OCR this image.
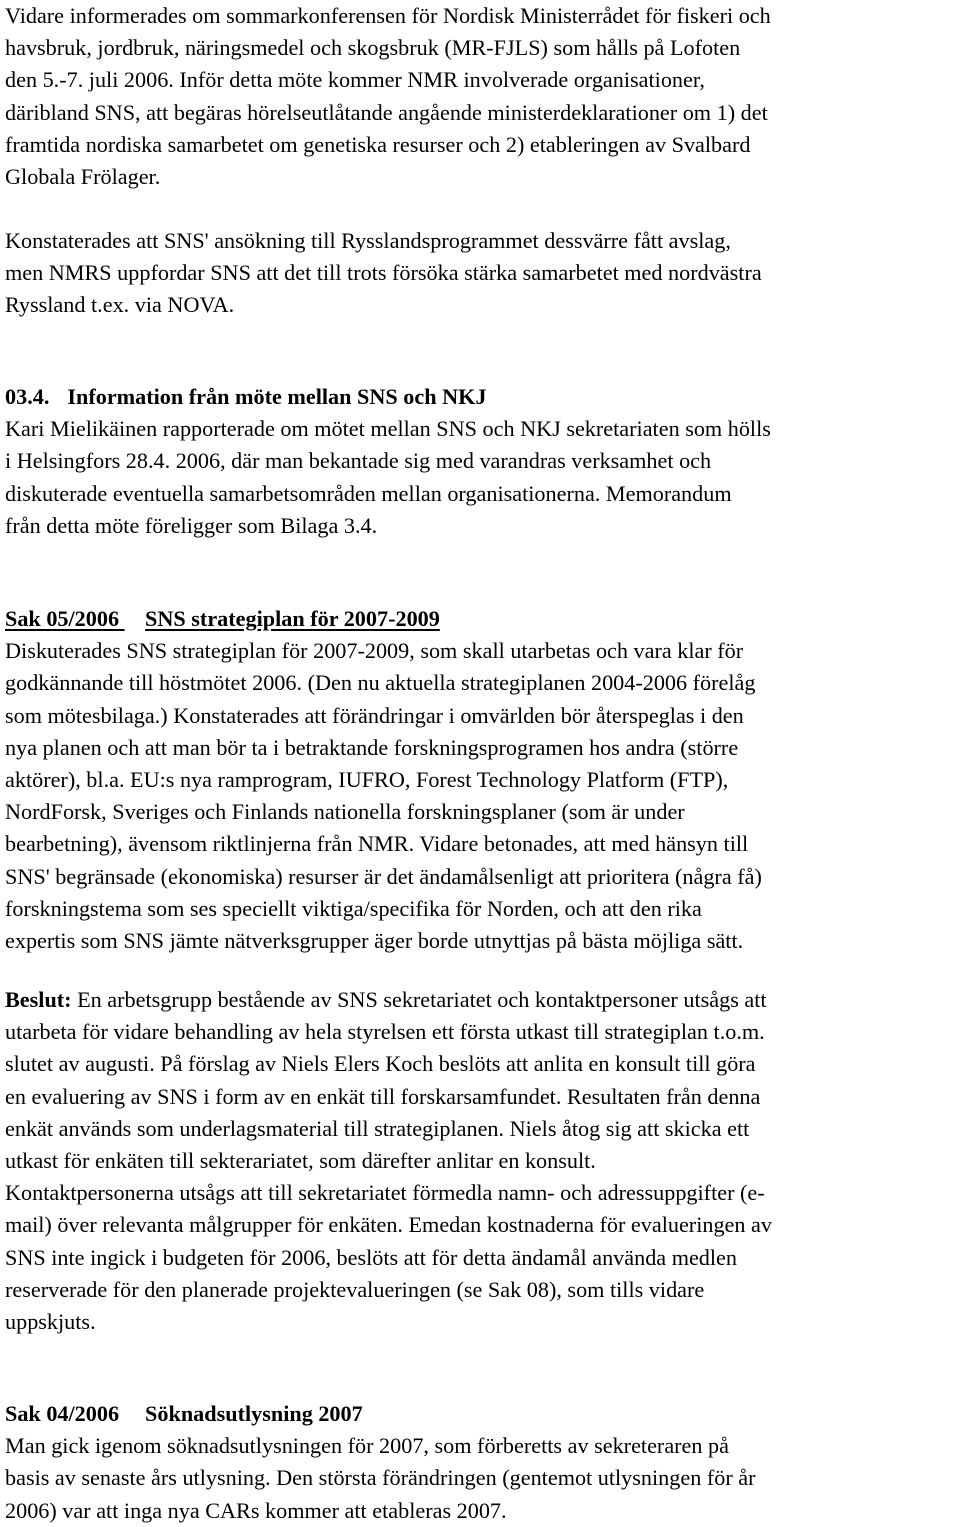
Vidare informerades om sommarkonferensen för Nordisk Ministerrådet för fiskeri och

havsbruk, jordbruk, näringsmedel och skogsbruk (MR-FJLS) som hålls på Lofoten

den 5.-7. juli 2006. Inför detta möte kommer NMR involverade organisationer,

däribland SNS, att begäras hörelseutlåtande angående ministerdeklarationer om 1) det

framtida nordiska samarbetet om genetiska resurser och 2) etableringen av Svalbard

Globala Frölager.

Konstaterades att SNS' ansökning till Rysslandsprogrammet dessvärre fått avslag,

men NMRS uppfordar SNS att det till trots försöka stärka samarbetet med nordvästra

Ryssland t.ex. via NOVA.

03.4. Information från möte mellan SNS och NKJ

Kari Mielikäinen rapporterade om mötet mellan SNS och NKJ sekretariaten som hölls

i Helsingfors 28.4. 2006, där man bekantade sig med varandras verksamhet och

diskuterade eventuella samarbetsområden mellan organisationerna. Memorandum

från detta möte föreligger som Bilaga 3.4.

Sak 05/2006 SNS strategiplan för 2007-2009

Diskuterades SNS strategiplan för 2007-2009, som skall utarbetas och vara klar för

godkännande till höstmötet 2006. (Den nu aktuella strategiplanen 2004-2006 förelåg

som mötesbilaga.) Konstaterades att förändringar i omvärlden bör återspeglas i den

nya planen och att man bör ta i betraktande forskningsprogramen hos andra (större

aktörer), bl.a. EU:s nya ramprogram, IUFRO, Forest Technology Platform (FTP),

NordForsk, Sveriges och Finlands nationella forskningsplaner (som är under

bearbetning), ävensom riktlinjerna från NMR. Vidare betonades, att med hänsyn till

SNS' begränsade (ekonomiska) resurser är det ändamålsenligt att prioritera (några få)

forskningstema som ses speciellt viktiga/specifika för Norden, och att den rika

expertis som SNS jämte nätverksgrupper äger borde utnyttjas på bästa möjliga sätt.

Beslut: En arbetsgrupp bestående av SNS sekretariatet och kontaktpersoner utsågs att

utarbeta för vidare behandling av hela styrelsen ett första utkast till strategiplan t.o.m.

slutet av augusti. På förslag av Niels Elers Koch beslöts att anlita en konsult till göra

en evaluering av SNS i form av en enkät till forskarsamfundet. Resultaten från denna

enkät används som underlagsmaterial till strategiplanen. Niels åtog sig att skicka ett

utkast för enkäten till sekterariatet, som därefter anlitar en konsult.

Kontaktpersonerna utsågs att till sekretariatet förmedla namn- och adressuppgifter (e-

mail) över relevanta målgrupper för enkäten. Emedan kostnaderna för evalueringen av

SNS inte ingick i budgeten för 2006, beslöts att för detta ändamål använda medlen

reserverade för den planerade projektevalueringen (se Sak 08), som tills vidare

uppskjuts.

Sak 04/2006 Söknadsutlysning 2007

Man gick igenom söknadsutlysningen för 2007, som förberetts av sekreteraren på

basis av senaste års utlysning. Den största förändringen (gentemot utlysningen för år

2006) var att inga nya CARs kommer att etableras 2007.
